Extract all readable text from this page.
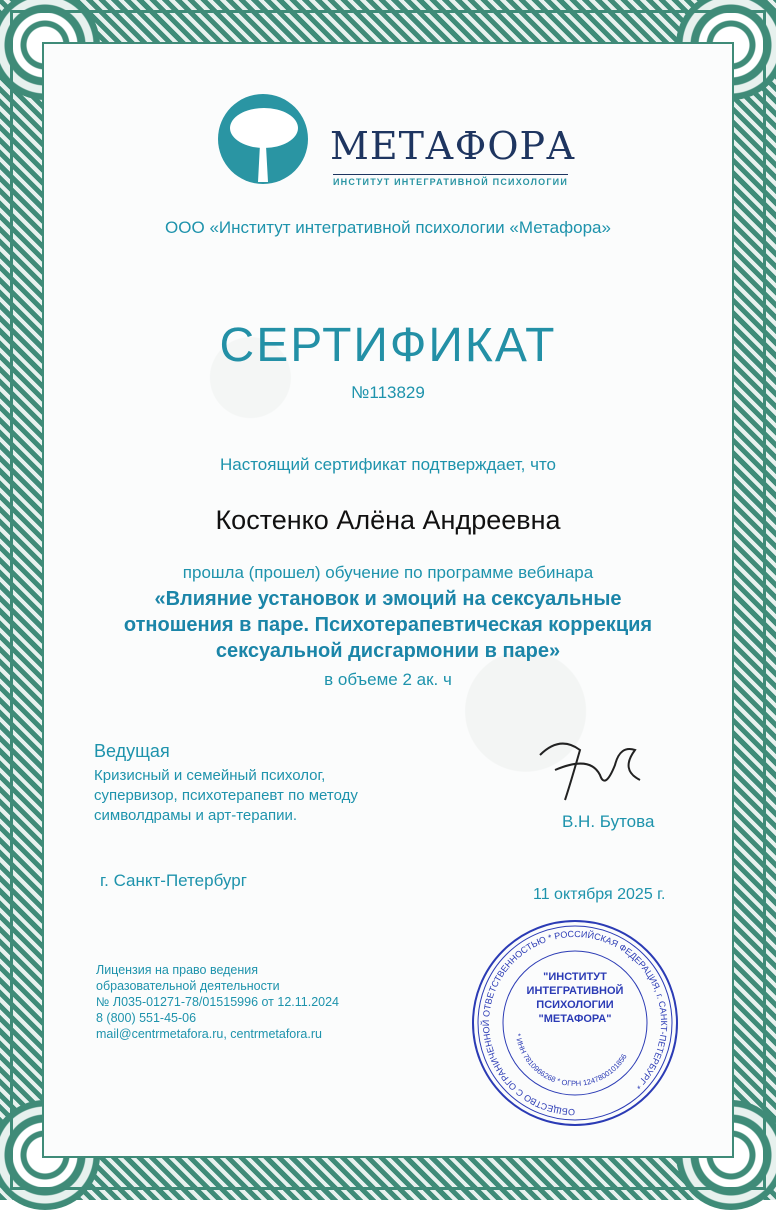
МЕТАФОРА
ИНСТИТУТ ИНТЕГРАТИВНОЙ ПСИХОЛОГИИ
ООО «Институт интегративной психологии «Метафора»
СЕРТИФИКАТ
№113829
Настоящий сертификат подтверждает, что
Костенко Алёна Андреевна
прошла (прошел) обучение по программе вебинара
«Влияние установок и эмоций на сексуальные
отношения в паре. Психотерапевтическая коррекция
сексуальной дисгармонии в паре»
в объеме 2 ак. ч
Ведущая
Кризисный и семейный психолог,
супервизор, психотерапевт по методу
символдрамы и арт-терапии.	В.Н. Бутова
г. Санкт-Петербург
11 октября 2025 г.
ОБЩЕСТВО С ОГРАНИЧЕННОЙ ОТВЕТСТВЕННОСТЬЮ * РОССИЙСКАЯ ФЕДЕРАЦИЯ, г. САНКТ-ПЕТЕРБУРГ *
* ИНН 7810966268 * ОГРН 1247800101856
"ИНСТИТУТ
ИНТЕГРАТИВНОЙ
ПСИХОЛОГИИ
"МЕТАФОРА"
Лицензия на право ведения
образовательной деятельности
№ Л035-01271-78/01515996 от 12.11.2024
8 (800) 551-45-06
mail@centrmetafora.ru, centrmetafora.ru
